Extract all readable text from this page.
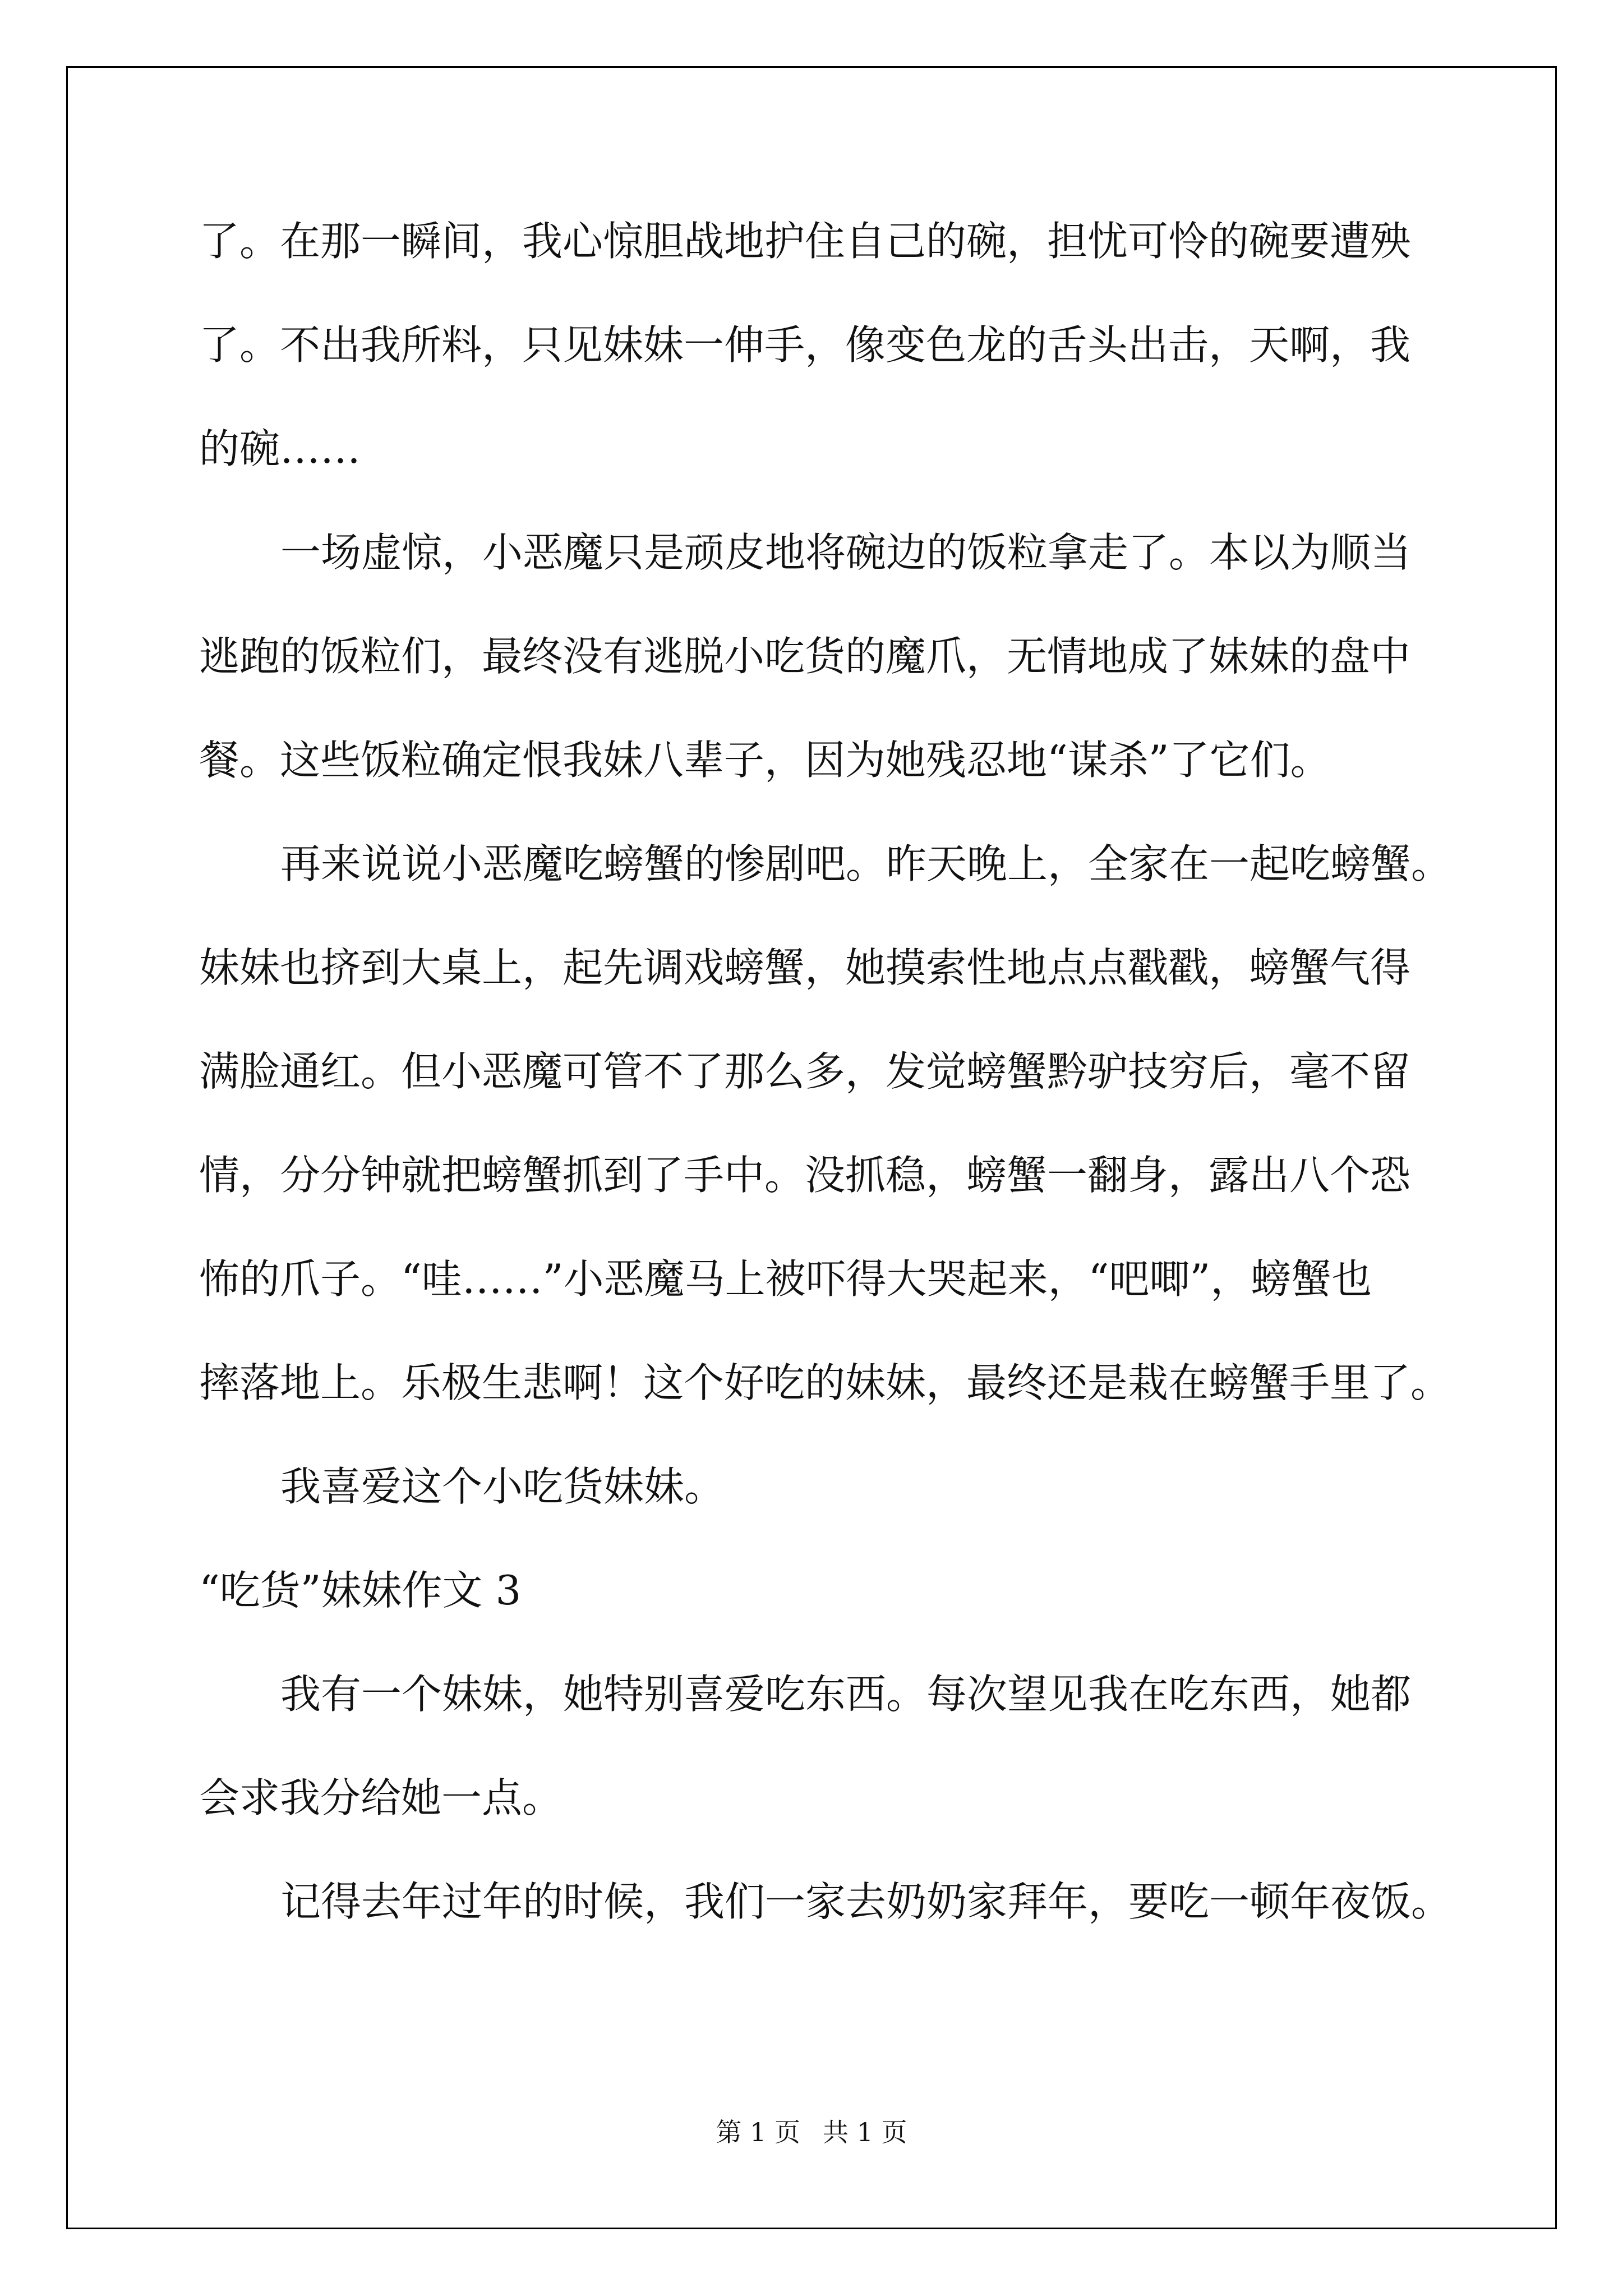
了。在那一瞬间，我心惊胆战地护住自己的碗，担忧可怜的碗要遭殃
了。不出我所料，只见妹妹一伸手，像变色龙的舌头出击，天啊，我
的碗……
一场虚惊，小恶魔只是顽皮地将碗边的饭粒拿走了。本以为顺当
逃跑的饭粒们，最终没有逃脱小吃货的魔爪，无情地成了妹妹的盘中
餐。这些饭粒确定恨我妹八辈子，因为她残忍地“谋杀”了它们。
再来说说小恶魔吃螃蟹的惨剧吧。昨天晚上，全家在一起吃螃蟹。
妹妹也挤到大桌上，起先调戏螃蟹，她摸索性地点点戳戳，螃蟹气得
满脸通红。但小恶魔可管不了那么多，发觉螃蟹黔驴技穷后，毫不留
情，分分钟就把螃蟹抓到了手中。没抓稳，螃蟹一翻身，露出八个恐
怖的爪子。“哇……”小恶魔马上被吓得大哭起来，“吧唧”，螃蟹也
摔落地上。乐极生悲啊！这个好吃的妹妹，最终还是栽在螃蟹手里了。
我喜爱这个小吃货妹妹。
“吃货”妹妹作文 3
我有一个妹妹，她特别喜爱吃东西。每次望见我在吃东西，她都
会求我分给她一点。
记得去年过年的时候，我们一家去奶奶家拜年，要吃一顿年夜饭。
第 1 页 共 1 页
